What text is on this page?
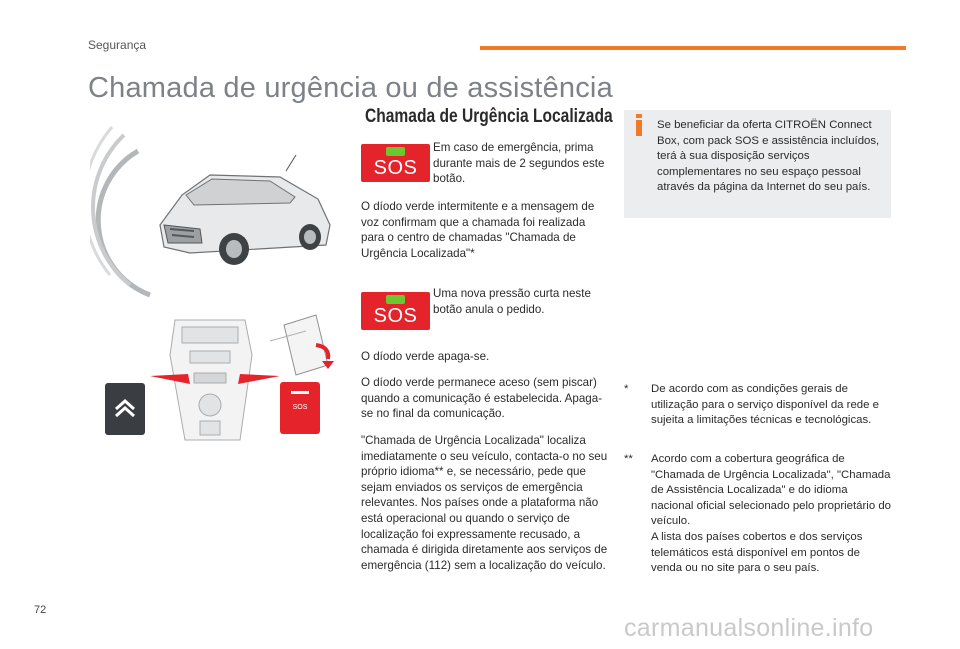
Segurança
Chamada de urgência ou de assistência
SOS
Chamada de Urgência Localizada
SOS
Em caso de emergência, prima durante mais de 2 segundos este botão.
O díodo verde intermitente e a mensagem de voz confirmam que a chamada foi realizada para o centro de chamadas "Chamada de Urgência Localizada"*
SOS
Uma nova pressão curta neste botão anula o pedido.
O díodo verde apaga-se.
O díodo verde permanece aceso (sem piscar) quando a comunicação é estabelecida. Apaga-se no final da comunicação.
"Chamada de Urgência Localizada" localiza imediatamente o seu veículo, contacta-o no seu próprio idioma** e, se necessário, pede que sejam enviados os serviços de emergência relevantes. Nos países onde a plataforma não está operacional ou quando o serviço de localização foi expressamente recusado, a chamada é dirigida diretamente aos serviços de emergência (112) sem a localização do veículo.
Se beneficiar da oferta CITROËN Connect Box, com pack SOS e assistência incluídos, terá à sua disposição serviços complementares no seu espaço pessoal através da página da Internet do seu país.
* De acordo com as condições gerais de utilização para o serviço disponível da rede e sujeita a limitações técnicas e tecnológicas.
** Acordo com a cobertura geográfica de "Chamada de Urgência Localizada", "Chamada de Assistência Localizada" e do idioma nacional oficial selecionado pelo proprietário do veículo.
A lista dos países cobertos e dos serviços telemáticos está disponível em pontos de venda ou no site para o seu país.
72
carmanualsonline.info
